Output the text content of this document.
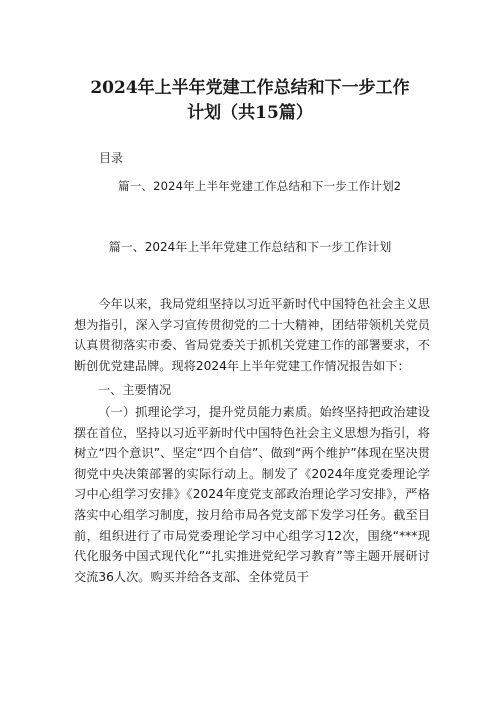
2024年上半年党建工作总结和下一步工作
计划（共15篇）
目录
篇一、2024年上半年党建工作总结和下一步工作计划2
篇一、2024年上半年党建工作总结和下一步工作计划
今年以来，我局党组坚持以习近平新时代中国特色社会主义思想为指引，深入学习宣传贯彻党的二十大精神，团结带领机关党员认真贯彻落实市委、省局党委关于抓机关党建工作的部署要求，不断创优党建品牌。现将2024年上半年党建工作情况报告如下：
一、主要情况
（一）抓理论学习，提升党员能力素质。始终坚持把政治建设摆在首位，坚持以习近平新时代中国特色社会主义思想为指引，将树立“四个意识”、坚定“四个自信”、做到“两个维护”体现在坚决贯彻党中央决策部署的实际行动上。制发了《2024年度党委理论学习中心组学习安排》《2024年度党支部政治理论学习安排》，严格落实中心组学习制度，按月给市局各党支部下发学习任务。截至目前，组织进行了市局党委理论学习中心组学习12次，围绕“***现代化服务中国式现代化”“扎实推进党纪学习教育”等主题开展研讨交流36人次。购买并给各支部、全体党员干
